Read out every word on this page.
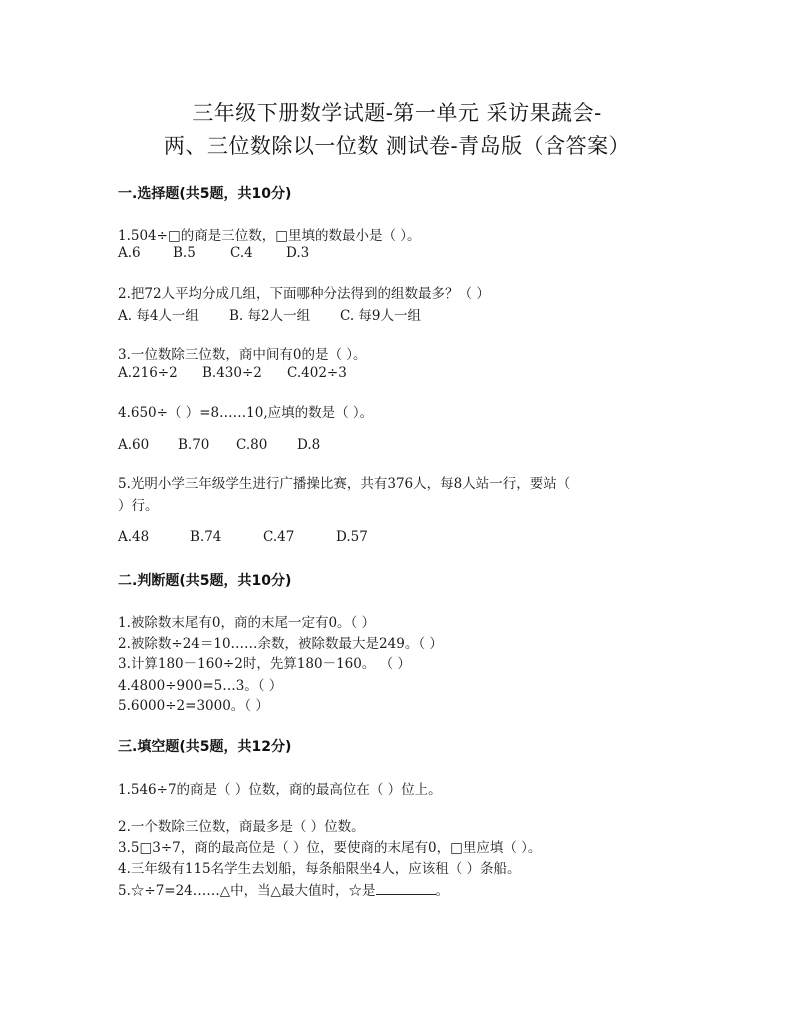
三年级下册数学试题-第一单元 采访果蔬会-
两、三位数除以一位数 测试卷-青岛版（含答案）
一.选择题(共5题，共10分)
1.504÷□的商是三位数，□里填的数最小是（ ）。
A.6 B.5	C.4 D.3
2.把72人平均分成几组，下面哪种分法得到的组数最多？（ ）
A. 每4人一组 B. 每2人一组 C. 每9人一组
3.一位数除三位数，商中间有0的是（ ）。
A.216÷2 B.430÷2 C.402÷3
4.650÷（ ）=8……10,应填的数是（ ）。
A.60 B.70 C.80 D.8
5.光明小学三年级学生进行广播操比赛，共有376人，每8人站一行，要站（
）行。
A.48	B.74	C.47	D.57
二.判断题(共5题，共10分)
1.被除数末尾有0，商的末尾一定有0。（ ）
2.被除数÷24＝10……余数，被除数最大是249。（ ）
3.计算180－160÷2时，先算180－160。 （ ）
4.4800÷900=5…3。（ ）
5.6000÷2=3000。（ ）
三.填空题(共5题，共12分)
1.546÷7的商是（ ）位数，商的最高位在（ ）位上。
2.一个数除三位数，商最多是（ ）位数。
3.5□3÷7，商的最高位是（ ）位，要使商的末尾有0，□里应填（ ）。
4.三年级有115名学生去划船，每条船限坐4人，应该租（ ）条船。
5.☆÷7=24……△中，当△最大值时，☆是	。
